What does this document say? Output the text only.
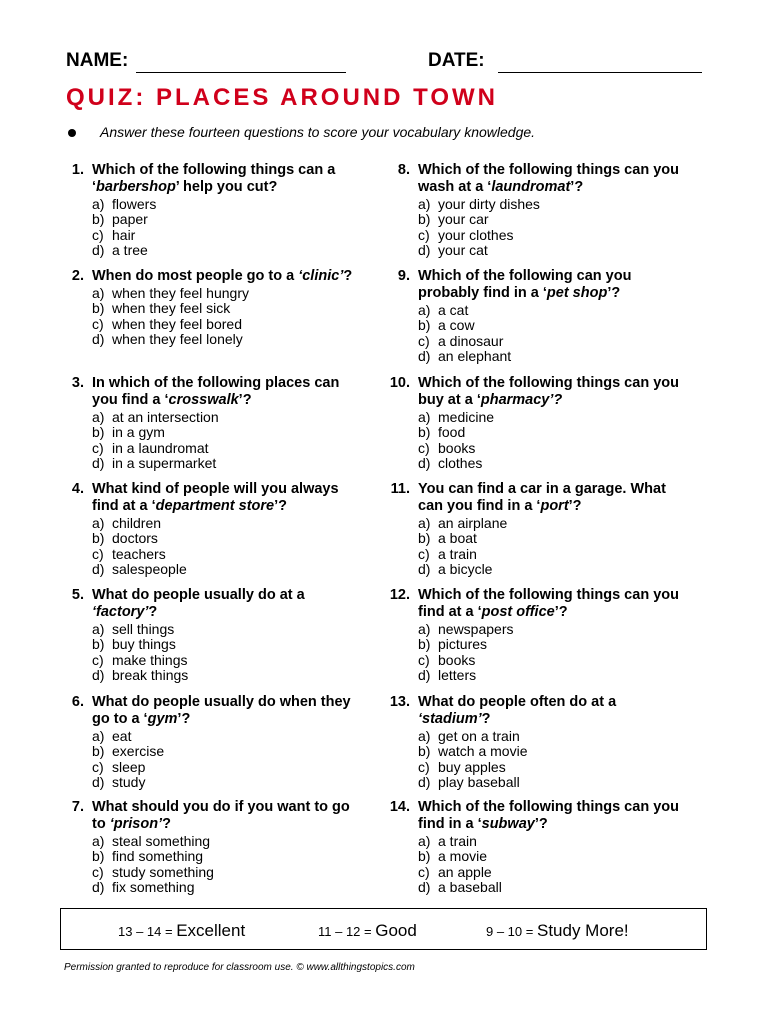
NAME:	DATE:
QUIZ: PLACES AROUND TOWN
Answer these fourteen questions to score your vocabulary knowledge.
1. Which of the following things can a ‘barbershop’ help you cut?
a) flowers
b) paper
c) hair
d) a tree
2. When do most people go to a ‘clinic’?
a) when they feel hungry
b) when they feel sick
c) when they feel bored
d) when they feel lonely
3. In which of the following places can you find a ‘crosswalk’?
a) at an intersection
b) in a gym
c) in a laundromat
d) in a supermarket
4. What kind of people will you always find at a ‘department store’?
a) children
b) doctors
c) teachers
d) salespeople
5. What do people usually do at a ‘factory’?
a) sell things
b) buy things
c) make things
d) break things
6. What do people usually do when they go to a ‘gym’?
a) eat
b) exercise
c) sleep
d) study
7. What should you do if you want to go to ‘prison’?
a) steal something
b) find something
c) study something
d) fix something
8. Which of the following things can you wash at a ‘laundromat’?
a) your dirty dishes
b) your car
c) your clothes
d) your cat
9. Which of the following can you probably find in a ‘pet shop’?
a) a cat
b) a cow
c) a dinosaur
d) an elephant
10. Which of the following things can you buy at a ‘pharmacy’?
a) medicine
b) food
c) books
d) clothes
11. You can find a car in a garage. What can you find in a ‘port’?
a) an airplane
b) a boat
c) a train
d) a bicycle
12. Which of the following things can you find at a ‘post office’?
a) newspapers
b) pictures
c) books
d) letters
13. What do people often do at a ‘stadium’?
a) get on a train
b) watch a movie
c) buy apples
d) play baseball
14. Which of the following things can you find in a ‘subway’?
a) a train
b) a movie
c) an apple
d) a baseball
13 – 14 = Excellent	11 – 12 = Good	9 – 10 = Study More!
Permission granted to reproduce for classroom use. © www.allthingstopics.com
